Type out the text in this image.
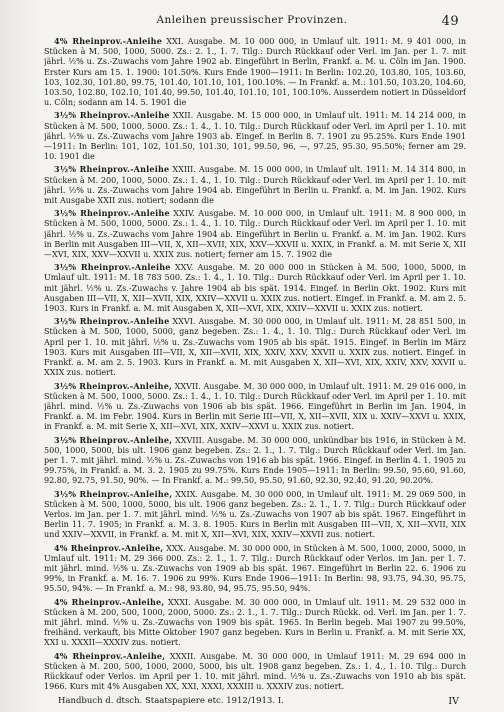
Anleihen preussischer Provinzen.	49

4% Rheinprov.-Anleihe XXI. Ausgabe. M. 10 000 000, in Umlauf ult. 1911: M. 9 401 000, in Stücken à M. 500, 1000, 5000. Zs.: 2. 1., 1. 7. Tilg.: Durch Rückkauf oder Verl. im Jan. per 1. 7. mit jährl. ½% u. Zs.-Zuwachs vom Jahre 1902 ab. Eingeführt in Berlin, Frankf. a. M. u. Cöln im Jan. 1900. Erster Kurs am 15. 1. 1900: 101.50%. Kurs Ende 1900—1911: In Berlin: 102.20, 103.80, 105, 103.60, 103, 102.30, 101.80, 99.75, 101.40, 101.10, 101, 100.10%. — In Frankf. a. M.: 101.50, 103.20, 104.60, 103.50, 102.80, 102.10, 101.40, 99.50, 101.40, 101.10, 101, 100.10%. Ausserdem notiert in Düsseldorf u. Cöln; sodann am 14. 5. 1901 die

3½% Rheinprov.-Anleihe XXII. Ausgabe. M. 15 000 000, in Umlauf ult. 1911: M. 14 214 000, in Stücken à M. 500, 1000, 5000. Zs.: 1. 4., 1. 10. Tilg.: Durch Rückkauf oder Verl. im April per 1. 10. mit jährl. ½% u. Zs.-Zuwachs vom Jahre 1903 ab. Eingef. in Berlin 8. 7. 1901 zu 95.25%. Kurs Ende 1901—1911: In Berlin: 101, 102, 101.50, 101.30, 101, 99.50, 96, —, 97.25, 95.30, 95.50%; ferner am 29. 10. 1901 die

3½% Rheinprov.-Anleihe XXIII. Ausgabe. M. 15 000 000, in Umlauf ult. 1911: M. 14 314 800, in Stücken à M. 200, 1000, 5000. Zs.: 1. 4., 1. 10. Tilg.: Durch Rückkauf oder Verl. im April per 1. 10. mit jährl. ½% u. Zs.-Zuwachs vom Jahre 1904 ab. Eingeführt in Berlin u. Frankf. a. M. im Jan. 1902. Kurs mit Ausgabe XXII zus. notiert; sodann die

3½% Rheinprov.-Anleihe XXIV. Ausgabe. M. 10 000 000, in Umlauf ult. 1911: M. 8 900 000, in Stücken à M. 500, 1000, 5000. Zs.: 1. 4., 1. 10. Tilg.: Durch Rückkauf oder Verl. im April per 1. 10. mit jährl. ½% u. Zs.-Zuwachs vom Jahre 1904 ab. Eingeführt in Berlin u. Frankf. a. M. im Jan. 1902. Kurs in Berlin mit Ausgaben III—VII, X, XII—XVII, XIX, XXV—XXVII u. XXIX, in Frankf. a. M. mit Serie X, XII—XVI, XIX, XXV—XXVII u. XXIX zus. notiert; ferner am 15. 7. 1902 die

3½% Rheinprov.-Anleihe XXV. Ausgabe. M. 20 000 000 in Stücken à M. 500, 1000, 5000, in Umlauf ult. 1911: M. 18 783 500. Zs.: 1. 4., 1. 10. Tilg.: Durch Rückkauf oder Verl. im April per 1. 10. mit jährl. ½% u. Zs.-Zuwachs v. Jahre 1904 ab bis spät. 1914. Eingef. in Berlin Okt. 1902. Kurs mit Ausgaben III—VII, X, XII—XVII, XIX, XXIV—XXVII u. XXIX zus. notiert. Eingef. in Frankf. a. M. am 2. 5. 1903. Kurs in Frankf. a. M. mit Ausgaben X, XII—XVI, XIX, XXIV—XXVII u. XXIX zus. notiert.

3½% Rheinprov.-Anleihe XXVI. Ausgabe. M. 30 000 000, in Umlauf ult. 1911: M. 28 851 500, in Stücken à M. 500, 1000, 5000, ganz begeben. Zs.: 1. 4., 1. 10. Tilg.: Durch Rückkauf oder Verl. im April per 1. 10. mit jährl. ½% u. Zs.-Zuwachs vom 1905 ab bis spät. 1915. Eingef. in Berlin im März 1903. Kurs mit Ausgaben III—VII, X, XII—XVII, XIX, XXIV, XXV, XXVII u. XXIX zus. notiert. Eingef. in Frankf. a. M. am 2. 5. 1903. Kurs in Frankf. a. M. mit Ausgaben X, XII—XVI, XIX, XXIV, XXV, XXVII u. XXIX zus. notiert.

3½% Rheinprov.-Anleihe, XXVII. Ausgabe. M. 30 000 000, in Umlauf ult. 1911: M. 29 016 000, in Stücken à M. 500, 1000, 5000. Zs.: 1. 4., 1. 10. Tilg.: Durch Rückkauf oder Verl. im April per 1. 10. mit jährl. mind. ½% u. Zs.-Zuwachs von 1906 ab bis spät. 1966. Eingeführt in Berlin im Jan. 1904, in Frankf. a. M. im Febr. 1904. Kurs in Berlin mit Serie III—VII, X, XII—XVII, XIX u. XXIV—XXVI u. XXIX, in Frankf. a. M. mit Serie X, XII—XVI, XIX, XXIV—XXVI u. XXIX zus. notiert.

3½% Rheinprov.-Anleihe, XXVIII. Ausgabe. M. 30 000 000, unkündbar bis 1916, in Stücken à M. 500, 1000, 5000, bis ult. 1906 ganz begeben. Zs.: 2. 1., 1. 7. Tilg.: Durch Rückkauf oder Verl. im Jan. per 1. 7. mit jährl. mind. ½% u. Zs.-Zuwachs von 1916 ab bis spät. 1966. Eingef. in Berlin 4. 1. 1905 zu 99.75%, in Frankf. a. M. 3. 2. 1905 zu 99.75%. Kurs Ende 1905—1911: In Berlin: 99.50, 95.60, 91.60, 92.80, 92.75, 91.50, 90%. — In Frankf. a. M.: 99.50, 95.50, 91.60, 92.30, 92.40, 91.20, 90.20%.

3½% Rheinprov.-Anleihe, XXIX. Ausgabe. M. 30 000 000, in Umlauf ult. 1911: M. 29 069 500, in Stücken à M. 500, 1000, 5000, bis ult. 1906 ganz begeben. Zs.: 2. 1., 1. 7. Tilg.: Durch Rückkauf oder Verlos. im Jan. per 1. 7. mit jährl. mind. ½% u. Zs.-Zuwachs von 1907 ab bis spät. 1967. Eingeführt in Berlin 11. 7. 1905; in Frankf. a. M. 3. 8. 1905. Kurs in Berlin mit Ausgaben III—VII, X, XII—XVII, XIX und XXIV—XXVII, in Frankf. a. M. mit X, XII—XVI, XIX, XXIV—XXVII zus. notiert.

4% Rheinprov.-Anleihe, XXX. Ausgabe. M. 30 000 000, in Stücken à M. 500, 1000, 2000, 5000, in Umlauf ult. 1911: M. 29 366 000. Zs.: 2. 1., 1. 7. Tilg.: Durch Rückkauf oder Verlos. im Jan. per 1. 7. mit jährl. mind. ½% u. Zs.-Zuwachs von 1909 ab bis spät. 1967. Eingeführt in Berlin 22. 6. 1906 zu 99%, in Frankf. a. M. 16. 7. 1906 zu 99%. Kurs Ende 1906—1911: In Berlin: 98, 93.75, 94.30, 95.75, 95.50, 94%. — In Frankf. a. M.: 98, 93.80, 94, 95.75, 95.50, 94%.

4% Rheinprov.-Anleihe, XXXI. Ausgabe. M. 30 000 000, in Umlauf ult. 1911: M. 29 532 000 in Stücken à M. 200, 500, 1000, 2000, 5000. Zs.: 2. 1., 1. 7. Tilg.: Durch Rückk. od. Verl. im Jan. per 1. 7. mit jährl. mind. ½% u. Zs.-Zuwachs von 1909 bis spät. 1965. In Berlin begeb. Mai 1907 zu 99.50%, freihänd. verkauft, bis Mitte Oktober 1907 ganz begeben. Kurs in Berlin u. Frankf. a. M. mit Serie XX, XXI u. XXXII—XXXIV zus. notiert.

4% Rheinprov.-Anleihe, XXXII. Ausgabe. M. 30 000 000, in Umlauf 1911: M. 29 694 000 in Stücken à M. 200, 500, 1000, 2000, 5000, bis ult. 1908 ganz begeben. Zs.: 1. 4., 1. 10. Tilg.: Durch Rückkauf oder Verlos. im April per 1. 10. mit jährl. mind. ½% u. Zs.-Zuwachs von 1910 ab bis spät. 1966. Kurs mit 4% Ausgaben XX, XXI, XXXI, XXXIII u. XXXIV zus. notiert.

Handbuch d. dtsch. Staatspapiere etc. 1912/1913. I.	IV
